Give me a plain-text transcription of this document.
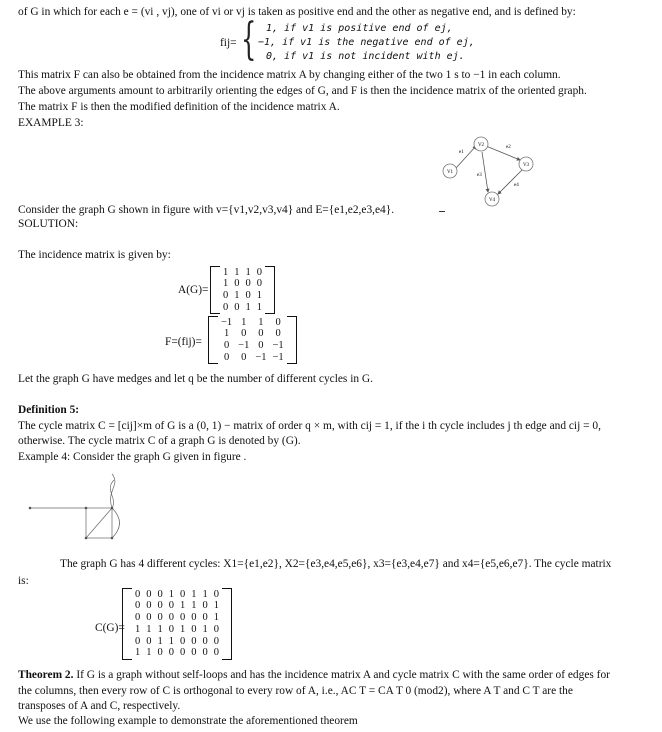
of G in which for each e = (vi , vj), one of vi or vj is taken as positive end and the other as negative end, and is defined by:
fij= { 1, if v1 is positive end of ej,
−1, if v1 is the negative end of ej,
0, if v1 is not incident with ej.
This matrix F can also be obtained from the incidence matrix A by changing either of the two 1 s to −1 in each column.
The above arguments amount to arbitrarily orienting the edges of G, and F is then the incidence matrix of the oriented graph.
The matrix F is then the modified definition of the incidence matrix A.
EXAMPLE 3:
V1
V2
V3
V4
e1
e2
e3
e4
Consider the graph G shown in figure with v={v1,v2,v3,v4} and E={e1,e2,e3,e4}.
SOLUTION:
The incidence matrix is given by:
A(G)=
	1	1	1	0	
	1	0	0	0	
	0	1	0	1	
	0	0	1	1	
F=(fij)=
	−1	1	1	0	
	1	0	0	0	
	0	−1	0	−1	
	0	0	−1	−1	
Let the graph G have medges and let q be the number of different cycles in G.
Definition 5:
The cycle matrix C = [cij]×m of G is a (0, 1) − matrix of order q × m, with cij = 1, if the i th cycle includes j th edge and cij = 0,
otherwise. The cycle matrix C of a graph G is denoted by (G).
Example 4: Consider the graph G given in figure .
The graph G has 4 different cycles: X1={e1,e2}, X2={e3,e4,e5,e6}, x3={e3,e4,e7} and x4={e5,e6,e7}. The cycle matrix
is:
C(G)=
	0	0	0	1	0	1	1	0	
	0	0	0	0	1	1	0	1	
	0	0	0	0	0	0	0	1	
	1	1	1	0	1	0	1	0	
	0	0	1	1	0	0	0	0	
	1	1	0	0	0	0	0	0	
Theorem 2. If G is a graph without self-loops and has the incidence matrix A and cycle matrix C with the same order of edges for
the columns, then every row of C is orthogonal to every row of A, i.e., AC T = CA T 0 (mod2), where A T and C T are the
transposes of A and C, respectively.
We use the following example to demonstrate the aforementioned theorem
